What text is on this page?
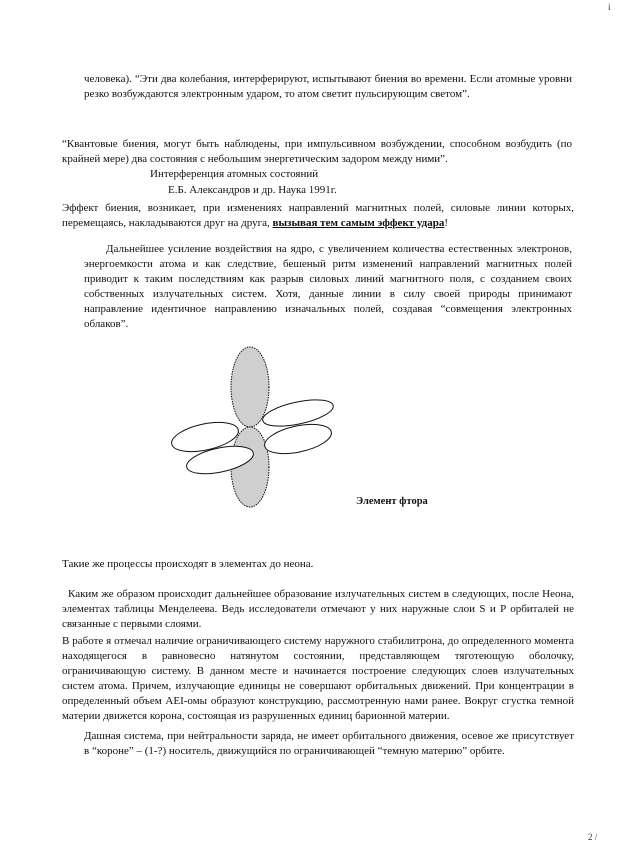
i

человека). “Эти два колебания, интерферируют, испытывают биения во времени. Если атомные уровни резко возбуждаются электронным ударом, то атом светит пульсирующим светом”.

“Квантовые биения, могут быть наблюдены, при импульсивном возбуждении, способном возбудить (по крайней мере) два состояния с небольшим энергетическим задором между ними”.

Интерференция атомных состояний

Е.Б. Александров и др. Наука 1991г.

Эффект биения, возникает, при изменениях направлений магнитных полей, силовые линии которых, перемещаясь, накладываются друг на друга, вызывая тем самым эффект удара!

Дальнейшее усиление воздействия на ядро, с увеличением количества естественных электронов, энергоемкости атома и как следствие, бешеный ритм изменений направлений магнитных полей приводит к таким последствиям как разрыв силовых линий магнитного поля, с созданием своих собственных излучательных систем. Хотя, данные линии в силу своей природы принимают направление идентичное направлению изначальных полей, создавая “совмещения электронных облаков”.

Элемент фтора

Такие же процессы происходят в элементах до неона.

Каким же образом происходит дальнейшее образование излучательных систем в следующих, после Неона, элементах таблицы Менделеева. Ведь исследователи отмечают у них наружные слои S и P орбиталей не связанные с первыми слоями.

В работе я отмечал наличие ограничивающего систему наружного стабилитрона, до определенного момента находящегося в равновесно натянутом состоянии, представляющем тяготеющую оболочку, ограничивающую систему. В данном месте и начинается построение следующих слоев излучательных систем атома. Причем, излучающие единицы не совершают орбитальных движений. При концентрации в определенный объем AEI-омы образуют конструкцию, рассмотренную нами ранее. Вокруг сгустка темной материи движется корона, состоящая из разрушенных единиц барионной материи.

Дашная система, при нейтральности заряда, не имеет орбитального движения, осевое же присутствует в “короне” – (1-?) носитель, движущийся по ограничивающей “темную материю” орбите.

2 /
